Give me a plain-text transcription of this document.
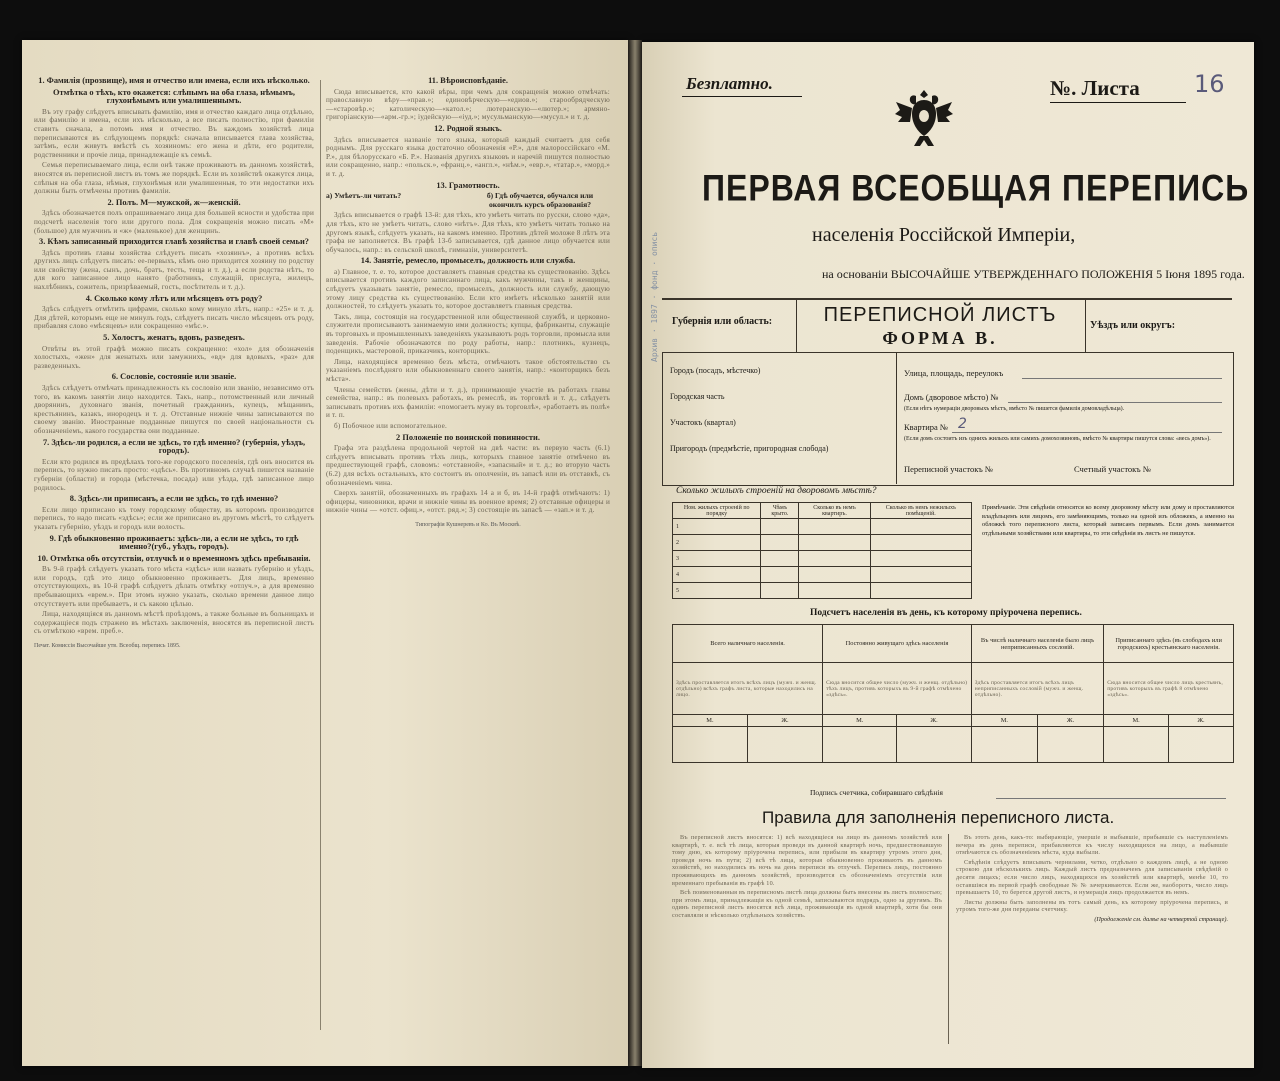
1. Фамилія (прозвище), имя и отчество или имена, если ихъ нѣсколько.
Отмѣтка о тѣхъ, кто окажется: слѣпымъ на оба глаза, нѣмымъ, глухонѣмымъ или умалишеннымъ.

Въ эту графу слѣдуетъ вписывать фамилію, имя и отчество каждаго лица отдѣльно, или фамилію и имена, если ихъ нѣсколько, а все писать полностію, при фамиліи ставить сначала, а потомъ имя и отчество. Въ каждомъ хозяйствѣ лица переписываются въ слѣдующемъ порядкѣ: сначала вписывается глава хозяйства, затѣмъ, если живутъ вмѣстѣ съ хозяиномъ: его жена и дѣти, его родители, родственники и прочіе лица, принадлежащіе къ семьѣ.

Семья переписываемаго лица, если онѣ также проживаютъ въ данномъ хозяйствѣ, вносятся въ переписной листъ въ томъ же порядкѣ. Если въ хозяйствѣ окажутся лица, слѣпыя на оба глаза, нѣмыя, глухонѣмыя или умалишенныя, то эти недостатки ихъ должны быть отмѣчены противъ фамиліи.

2. Полъ. М—мужской, ж—женскій.

Здѣсь обозначается полъ опрашиваемаго лица для большей ясности и удобства при подсчетѣ населенія того или другого пола. Для сокращенія можно писать «М» (большое) для мужчинъ и «ж» (маленькое) для женщинъ.

3. Кѣмъ записанный приходится главѣ хозяйства и главѣ своей семьи?

Здѣсь противъ главы хозяйства слѣдуетъ писать «хозяинъ», а противъ всѣхъ другихъ лицъ слѣдуетъ писать: ее-первыхъ, кѣмъ оно приходится хозяину по родству или свойству (жена, сынъ, дочь, братъ, тесть, теща и т. д.), а если родства нѣтъ, то для кого записанное лицо нанято (работникъ, служащій, прислуга, жилецъ, нахлѣбникъ, сожитель, призрѣваемый, гость, посѣтитель и т. д.).

4. Сколько кому лѣтъ или мѣсяцевъ отъ роду?

Здѣсь слѣдуетъ отмѣтить цифрами, сколько кому минуло лѣтъ, напр.: «25» и т. д. Для дѣтей, которымъ еще не минулъ годъ, слѣдуетъ писать число мѣсяцевъ отъ роду, прибавляя слово «мѣсяцевъ» или сокращенно «мѣс.».

5. Холостъ, женатъ, вдовъ, разведенъ.

Отвѣты въ этой графѣ можно писать сокращенно: «хол» для обозначенія холостыхъ, «жен» для женатыхъ или замужнихъ, «вд» для вдовыхъ, «раз» для разведенныхъ.

6. Сословіе, состояніе или званіе.

Здѣсь слѣдуетъ отмѣчать принадлежность къ сословію или званію, независимо отъ того, въ какомъ занятіи лицо находится. Такъ, напр., потомственный или личный дворянинъ, духовнаго званія, почетный гражданинъ, купецъ, мѣщанинъ, крестьянинъ, казакъ, инородецъ и т. д. Отставные нижніе чины записываются по своему званію. Иностранные подданные пишутся по своей національности съ обозначеніемъ, какого государства они подданные.

7. Здѣсь-ли родился, а если не здѣсь, то гдѣ именно? (губернія, уѣздъ, городъ).

Если кто родился въ предѣлахъ того-же городского поселенія, гдѣ онъ вносится въ перепись, то нужно писать просто: «здѣсь». Въ противномъ случаѣ пишется названіе губерніи (области) и города (мѣстечка, посада) или уѣзда, гдѣ записанное лицо родилось.

8. Здѣсь-ли приписанъ, а если не здѣсь, то гдѣ именно?

Если лицо приписано къ тому городскому обществу, въ которомъ производится перепись, то надо писать «здѣсь»; если же приписано въ другомъ мѣстѣ, то слѣдуетъ указать губернію, уѣздъ и городъ или волость.

9. Гдѣ обыкновенно проживаетъ: здѣсь-ли, а если не здѣсь, то гдѣ именно?(губ., уѣздъ, городъ).
10. Отмѣтка объ отсутствіи, отлучкѣ и о временномъ здѣсь пребываніи.

Въ 9-й графѣ слѣдуетъ указать того мѣста «здѣсь» или назвать губернію и уѣздъ, или городъ, гдѣ это лицо обыкновенно проживаетъ. Для лицъ, временно отсутствующихъ, въ 10-й графѣ слѣдуетъ дѣлать отмѣтку «отлуч.», а для временно пребывающихъ «врем.». При этомъ нужно указать, сколько времени данное лицо отсутствуетъ или пребываетъ, и съ какою цѣлью.

Лица, находящіяся въ данномъ мѣстѣ проѣздомъ, а также больные въ больницахъ и содержащіеся подъ стражею въ мѣстахъ заключенія, вносятся въ переписной листъ съ отмѣткою «врем. преб.».

Печат. Комиссія Высочайше утв. Всеобщ. перепись 1895.
11. Вѣроисповѣданіе.

Сюда вписывается, кто какой вѣры, при чемъ для сокращенія можно отмѣчать: православную вѣру—«прав.»; единовѣрческую—«едиов.»; старообрядческую—«старовѣр.»; католическую—«катол.»; лютеранскую—«лютер.»; армяно-григоріанскую—«арм.-гр.»; іудейскую—«іуд.»; мусульманскую—«мусул.» и т. д.

12. Родной языкъ.

Здѣсь вписывается названіе того языка, который каждый считаетъ для себя роднымъ. Для русскаго языка достаточно обозначенія «Р.», для малороссійскаго «М. Р.», для бѣлорусскаго «Б. Р.». Названія другихъ языковъ и наречій пишутся полностью или сокращенно, напр.: «польск.», «франц.», «англ.», «нѣм.», «евр.», «татар.», «морд.» и т. д.

13. Грамотность.
а) Умѣетъ-ли читать?	б) Гдѣ обучается, обучался или окончилъ курсъ образованія?

Здѣсь вписывается о графѣ 13-й: для тѣхъ, кто умѣетъ читать по русски, слово «да», для тѣхъ, кто не умѣетъ читать, слово «нѣтъ». Для тѣхъ, кто умѣетъ читать только на другомъ языкѣ, слѣдуетъ указать, на какомъ именно. Противъ дѣтей моложе 8 лѣтъ эта графа не заполняется. Въ графѣ 13-б записывается, гдѣ данное лицо обучается или обучалось, напр.: въ сельской школѣ, гимназіи, университетѣ.

14. Занятіе, ремесло, промыселъ, должность или служба.

а) Главное, т. е. то, которое доставляетъ главныя средства къ существованію. Здѣсь вписывается противъ каждого записаннаго лица, какъ мужчины, такъ и женщины, слѣдуетъ указывать занятіе, ремесло, промыселъ, должность или службу, дающую этому лицу средства къ существованію. Если кто имѣетъ нѣсколько занятій или должностей, то слѣдуетъ указать то, которое доставляетъ главныя средства.

Такъ, лица, состоящія на государственной или общественной службѣ, и церковно-служители прописываютъ занимаемую ими должность; купцы, фабриканты, служащіе въ торговыхъ и промышленныхъ заведеніяхъ указываютъ родъ торговли, промысла или заведенія. Рабочіе обозначаются по роду работы, напр.: плотникъ, кузнецъ, поденщикъ, мастеровой, приказчикъ, конторщикъ.

Лица, находящіяся временно безъ мѣста, отмѣчаютъ такое обстоятельство съ указаніемъ послѣдняго или обыкновеннаго своего занятія, напр.: «конторщикъ безъ мѣста».

Члены семействъ (жены, дѣти и т. д.), принимающіе участіе въ работахъ главы семейства, напр.: въ полевыхъ работахъ, въ ремеслѣ, въ торговлѣ и т. д., слѣдуетъ записывать противъ ихъ фамиліи: «помогаетъ мужу въ торговлѣ», «работаетъ въ полѣ» и т. п.

б) Побочное или вспомогательное.

2 Положеніе по воинской повинности.

Графа эта раздѣлена продольной чертой на двѣ части: въ первую часть (6.1) слѣдуетъ вписывать противъ тѣхъ лицъ, которыхъ главное занятіе отмѣчено въ предшествующей графѣ, словомъ: «отставной», «запасный» и т. д.; во вторую часть (6.2) для всѣхъ остальныхъ, кто состоитъ въ ополченіи, въ запасѣ или въ отставкѣ, съ обозначеніемъ чина.

Сверхъ занятій, обозначенныхъ въ графахъ 14 а и б, въ 14-й графѣ отмѣчаютъ: 1) офицеры, чиновники, врачи и нижніе чины въ военное время; 2) отставные офицеры и нижніе чины — «отст. офиц.», «отст. ряд.»; 3) состоящіе въ запасѣ — «зап.» и т. д.

Типографія Кушнеревъ и Ко. Въ Москвѣ.
Архив · 1897 · фонд · опись
Безплатно.	№. Листа 16
ПЕРВАЯ ВСЕОБЩАЯ ПЕРЕПИСЬ
населенія Россійской Имперіи,
на основаніи ВЫСОЧАЙШЕ УТВЕРЖДЕННАГО ПОЛОЖЕНІЯ 5 Іюня 1895 года.
Губернія или область:	ПЕРЕПИСНОЙ ЛИСТЪ
ФОРМА В.
Уѣздъ или округъ:
Городъ (посадъ, мѣстечко)
Городская часть
Участокъ (квартал)
Пригородъ (предмѣстіе, пригородная слобода)
Улица, площадь, переулокъ
Домъ (дворовое мѣсто) №
(Если нѣтъ нумераціи дворовыхъ мѣстъ, вмѣсто № пишется фамилія домовладѣльца).
Квартира № 2
(Если домъ состоитъ изъ однихъ жилыхъ или самихъ домохозяиновъ, вмѣсто № квартиры пишутся слова: «весь домъ»).
Переписной участокъ №	Счетный участокъ №
Сколько жилыхъ строеній на дворовомъ мѣстѣ?
Ном. жилыхъ строеній по порядку	Чѣмъ крыто.	Сколько въ немъ квартиръ.	Сколько въ немъ нежилыхъ помѣщеній.
1			
2			
3			
4			
5			
Примѣчаніе. Эти свѣдѣнія относятся ко всему дворовому мѣсту или дому и проставляются владѣльцемъ или лицомъ, его замѣняющимъ, только на одной изъ обложекъ, а именно на обложкѣ того переписного листа, который записанъ первымъ. Если домъ занимается отдѣльными хозяйствами или квартиры, то эти свѣдѣнія въ листъ не пишутся.
Подсчетъ населенія въ день, къ которому пріурочена перепись.
Всего наличнаго населенія.		Постоянно живущаго здѣсь населенія		Въ числѣ наличнаго населенія было лицъ неприписанныхъ сословій.		Приписаннаго здѣсь (въ слободахъ или городскихъ) крестьянскаго населенія.	
Здѣсь проставляется итогъ всѣхъ лицъ (мужч. и женщ. отдѣльно) всѣхъ графъ листа, которые находились на лицо.		Сюда вносится общее число (мужч. и женщ. отдѣльно) тѣхъ лицъ, противъ которыхъ въ 9-й графѣ отмѣчено «здѣсь».		Здѣсь проставляется итогъ всѣхъ лицъ неприписанныхъ сословій (мужч. и женщ. отдѣльно).		Сюда вносится общее число лицъ крестьянъ, противъ которыхъ въ графѣ 8 отмѣчено «здѣсь».	
М.	Ж.	М.	Ж.	М.	Ж.	М.	Ж.

Подпись счетчика, собиравшаго свѣдѣнія
Правила для заполненія переписного листа.

Въ переписной листъ вносятся: 1) всѣ находящіеся на лицо въ данномъ хозяйствѣ или квартирѣ, т. е. всѣ тѣ лица, которыя проведи въ данной квартирѣ ночь, предшествовавшую тому дню, къ которому пріурочена перепись, или прибыли въ квартиру утромъ этого дня, проведя ночь въ пути; 2) всѣ тѣ лица, которыя обыкновенно проживаютъ въ данномъ хозяйствѣ, но находились въ ночь на день переписи въ отлучкѣ. Перепись лицъ, постоянно проживающихъ въ данномъ хозяйствѣ, производится съ обозначеніемъ отсутствія или временнаго пребыванія въ графѣ 10.

Всѣ поименованныя въ переписномъ листѣ лица должны быть внесены въ листъ полностью; при этомъ лица, принадлежащія къ одной семьѣ, записываются подрядъ, одно за другимъ. Въ одинъ переписной листъ вносятся всѣ лица, проживающія въ одной квартирѣ, хотя бы они составляли и нѣсколько отдѣльныхъ хозяйствъ.

Въ этотъ день, какъ-то: выбирающіе, умершіе и выбывшіе, прибывшіе съ наступленіемъ вечера въ день переписи, прибавляются къ числу находящихся на лицо, а выбывшіе отмѣчаются съ обозначеніемъ мѣста, куда выбыли.

Свѣдѣнія слѣдуетъ вписывать чернилами, четко, отдѣльно о каждомъ лицѣ, а не одною строкою для нѣсколькихъ лицъ. Каждый листъ предназначенъ для записыванія свѣдѣній о десяти лицахъ; если число лицъ, находящихся въ хозяйствѣ или квартирѣ, менѣе 10, то оставшіяся въ первой графѣ свободные № № зачеркиваются. Если же, наоборотъ, число лицъ превышаетъ 10, то берется другой листъ, и нумерація лицъ продолжается въ немъ.

Листы должны быть заполнены въ тотъ самый день, къ которому пріурочена перепись, и утромъ того-же дня переданы счетчику.

(Продолженіе см. далѣе на четвертой странице).
